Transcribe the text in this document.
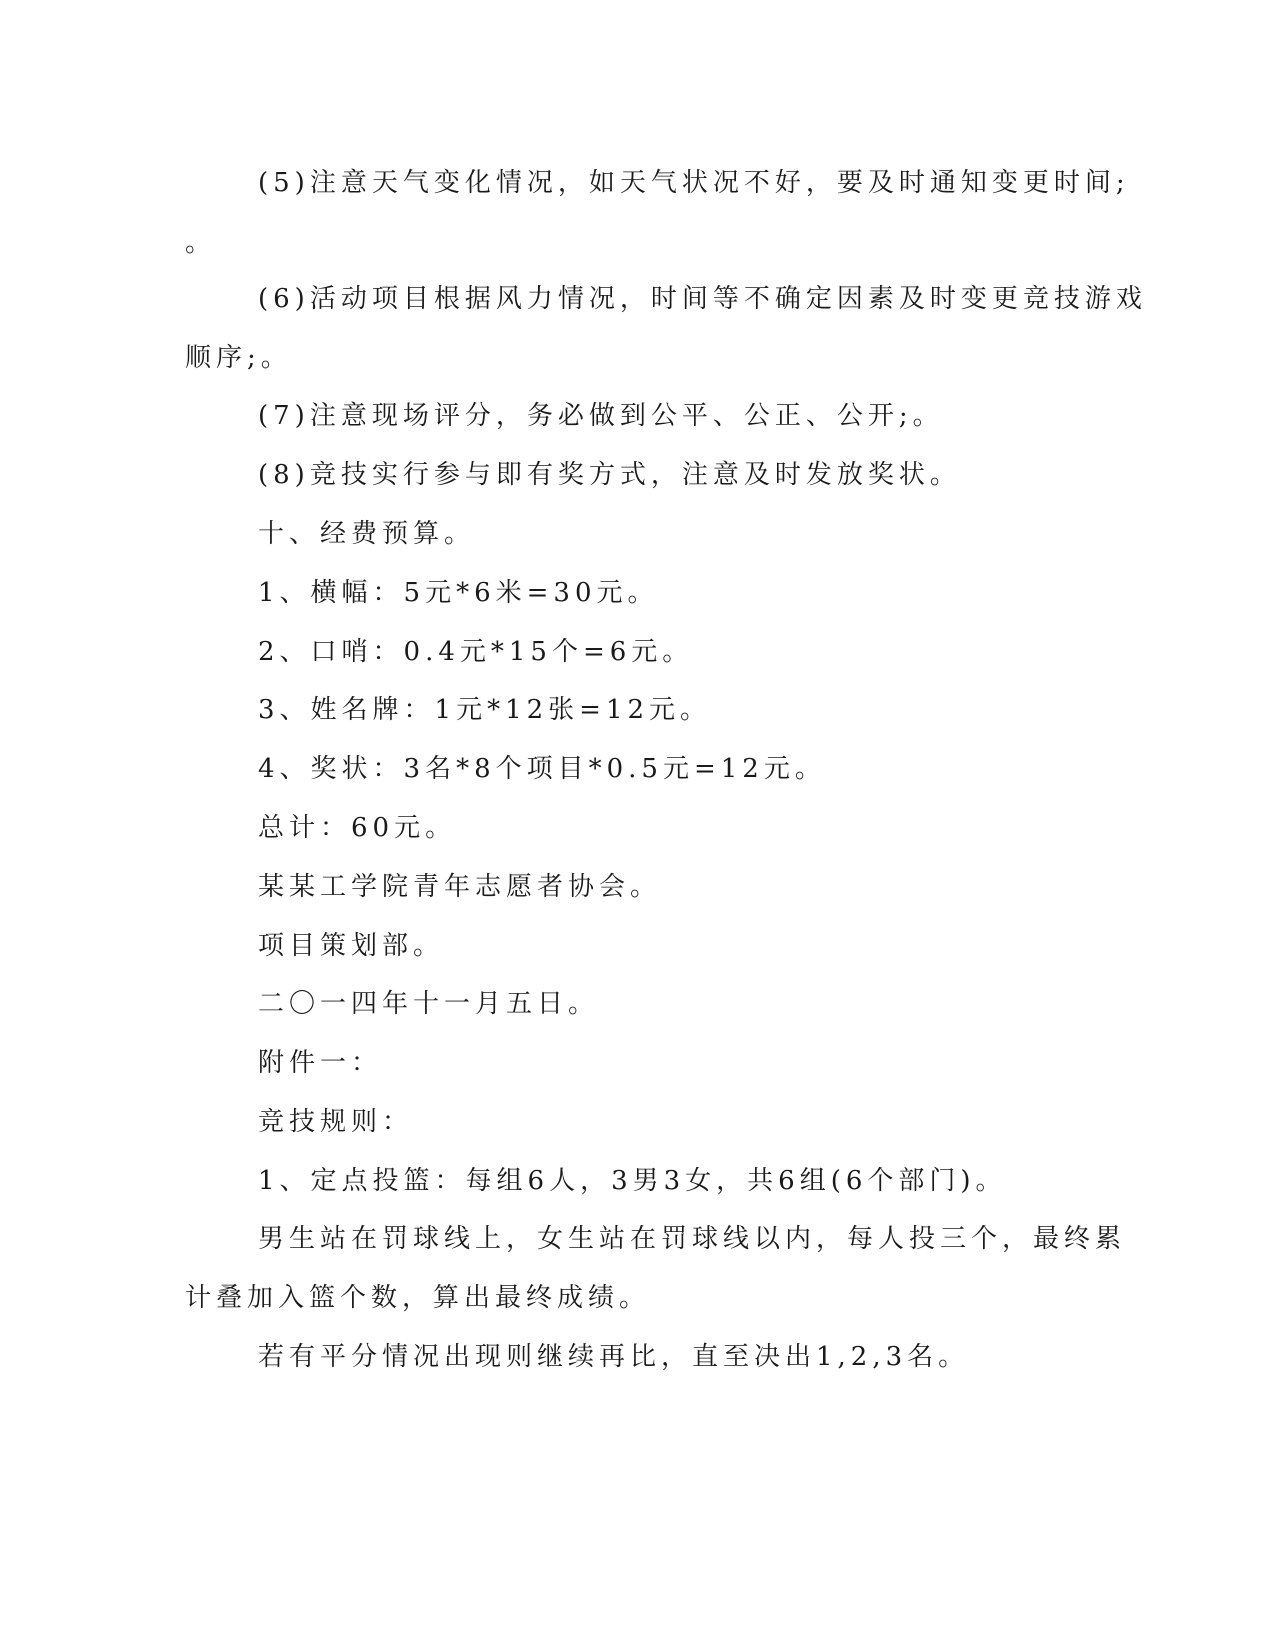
(5)注意天气变化情况，如天气状况不好，要及时通知变更时间;
。
(6)活动项目根据风力情况，时间等不确定因素及时变更竞技游戏
顺序;。
(7)注意现场评分，务必做到公平、公正、公开;。
(8)竞技实行参与即有奖方式，注意及时发放奖状。
十、经费预算。
1、横幅：5元*6米=30元。
2、口哨：0.4元*15个=6元。
3、姓名牌：1元*12张=12元。
4、奖状：3名*8个项目*0.5元=12元。
总计：60元。
某某工学院青年志愿者协会。
项目策划部。
二〇一四年十一月五日。
附件一：
竞技规则：
1、定点投篮：每组6人，3男3女，共6组(6个部门)。
男生站在罚球线上，女生站在罚球线以内，每人投三个，最终累
计叠加入篮个数，算出最终成绩。
若有平分情况出现则继续再比，直至决出1,2,3名。
